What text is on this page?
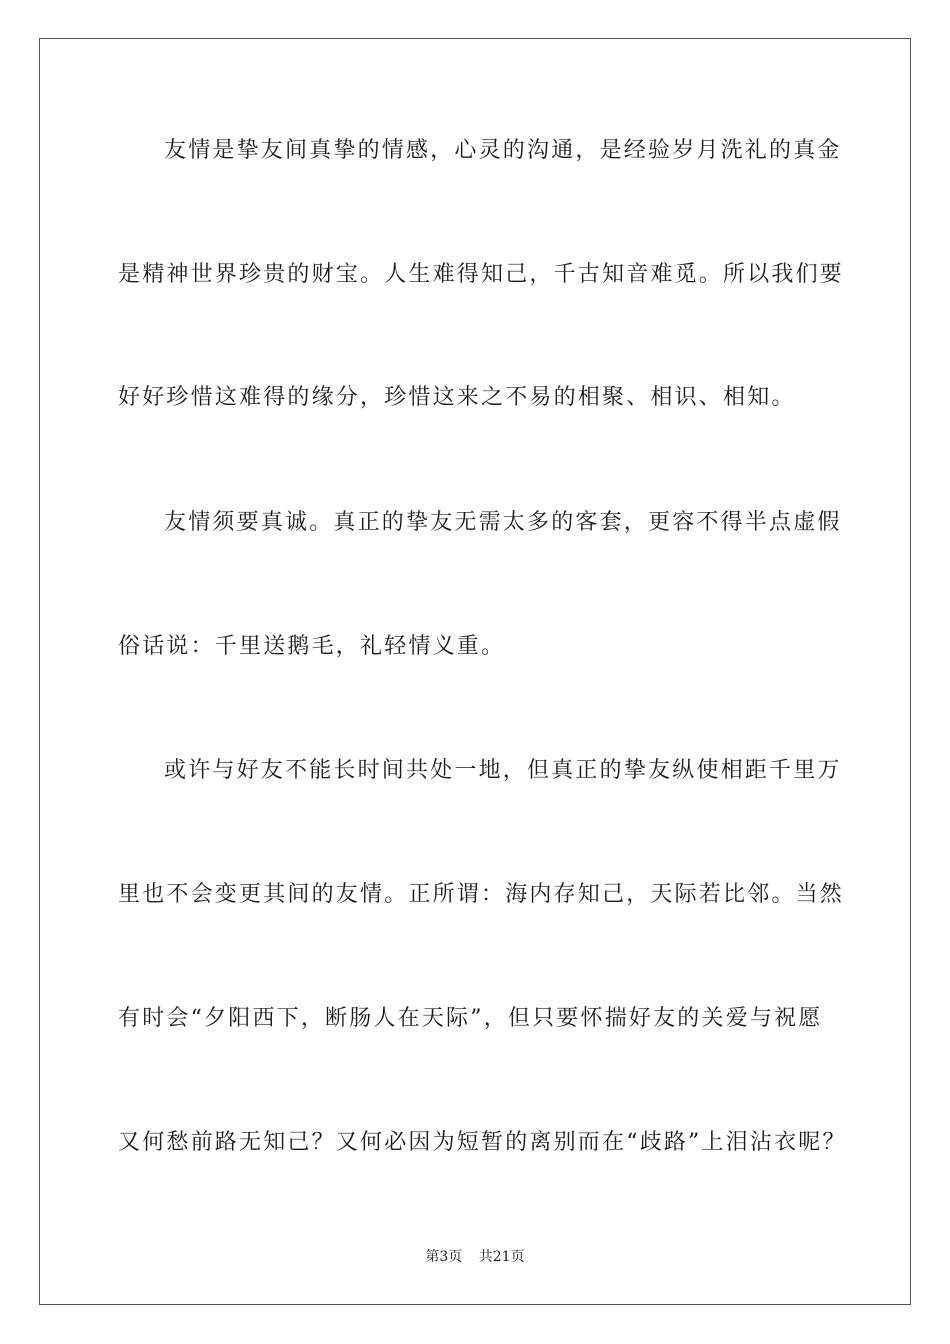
友情是挚友间真挚的情感，心灵的沟通，是经验岁月洗礼的真金
是精神世界珍贵的财宝。人生难得知己，千古知音难觅。所以我们要
好好珍惜这难得的缘分，珍惜这来之不易的相聚、相识、相知。
友情须要真诚。真正的挚友无需太多的客套，更容不得半点虚假
俗话说：千里送鹅毛，礼轻情义重。
或许与好友不能长时间共处一地，但真正的挚友纵使相距千里万
里也不会变更其间的友情。正所谓：海内存知己，天际若比邻。当然
有时会“夕阳西下，断肠人在天际”，但只要怀揣好友的关爱与祝愿
又何愁前路无知己？又何必因为短暂的离别而在“歧路”上泪沾衣呢？
第3页 共21页
